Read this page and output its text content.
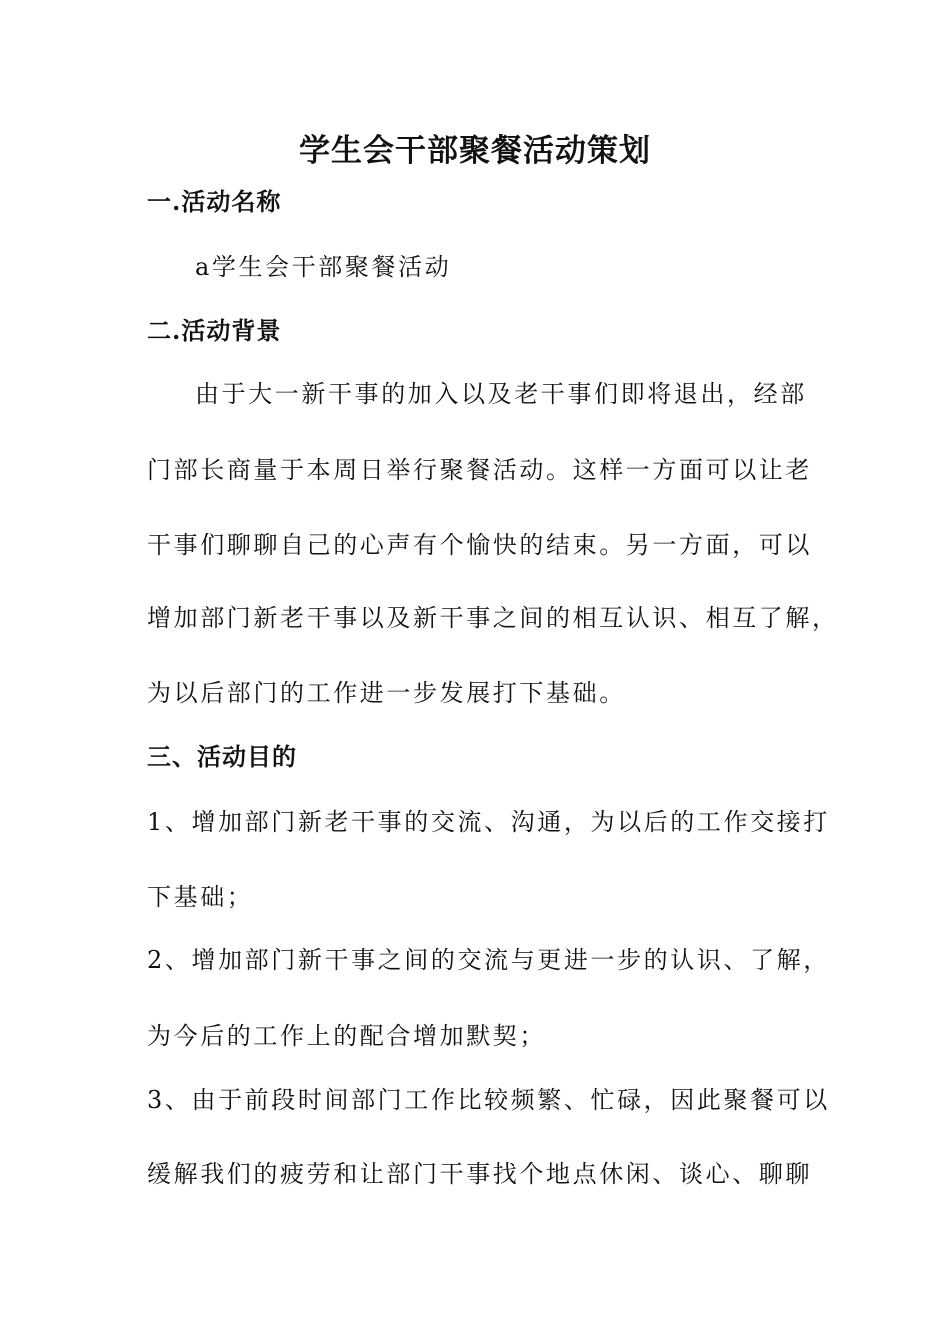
学生会干部聚餐活动策划

一.活动名称

a学生会干部聚餐活动

二.活动背景

由于大一新干事的加入以及老干事们即将退出，经部

门部长商量于本周日举行聚餐活动。这样一方面可以让老

干事们聊聊自己的心声有个愉快的结束。另一方面，可以

增加部门新老干事以及新干事之间的相互认识、相互了解，

为以后部门的工作进一步发展打下基础。

三、活动目的

1、增加部门新老干事的交流、沟通，为以后的工作交接打

下基础；

2、增加部门新干事之间的交流与更进一步的认识、了解，

为今后的工作上的配合增加默契；

3、由于前段时间部门工作比较频繁、忙碌，因此聚餐可以

缓解我们的疲劳和让部门干事找个地点休闲、谈心、聊聊
